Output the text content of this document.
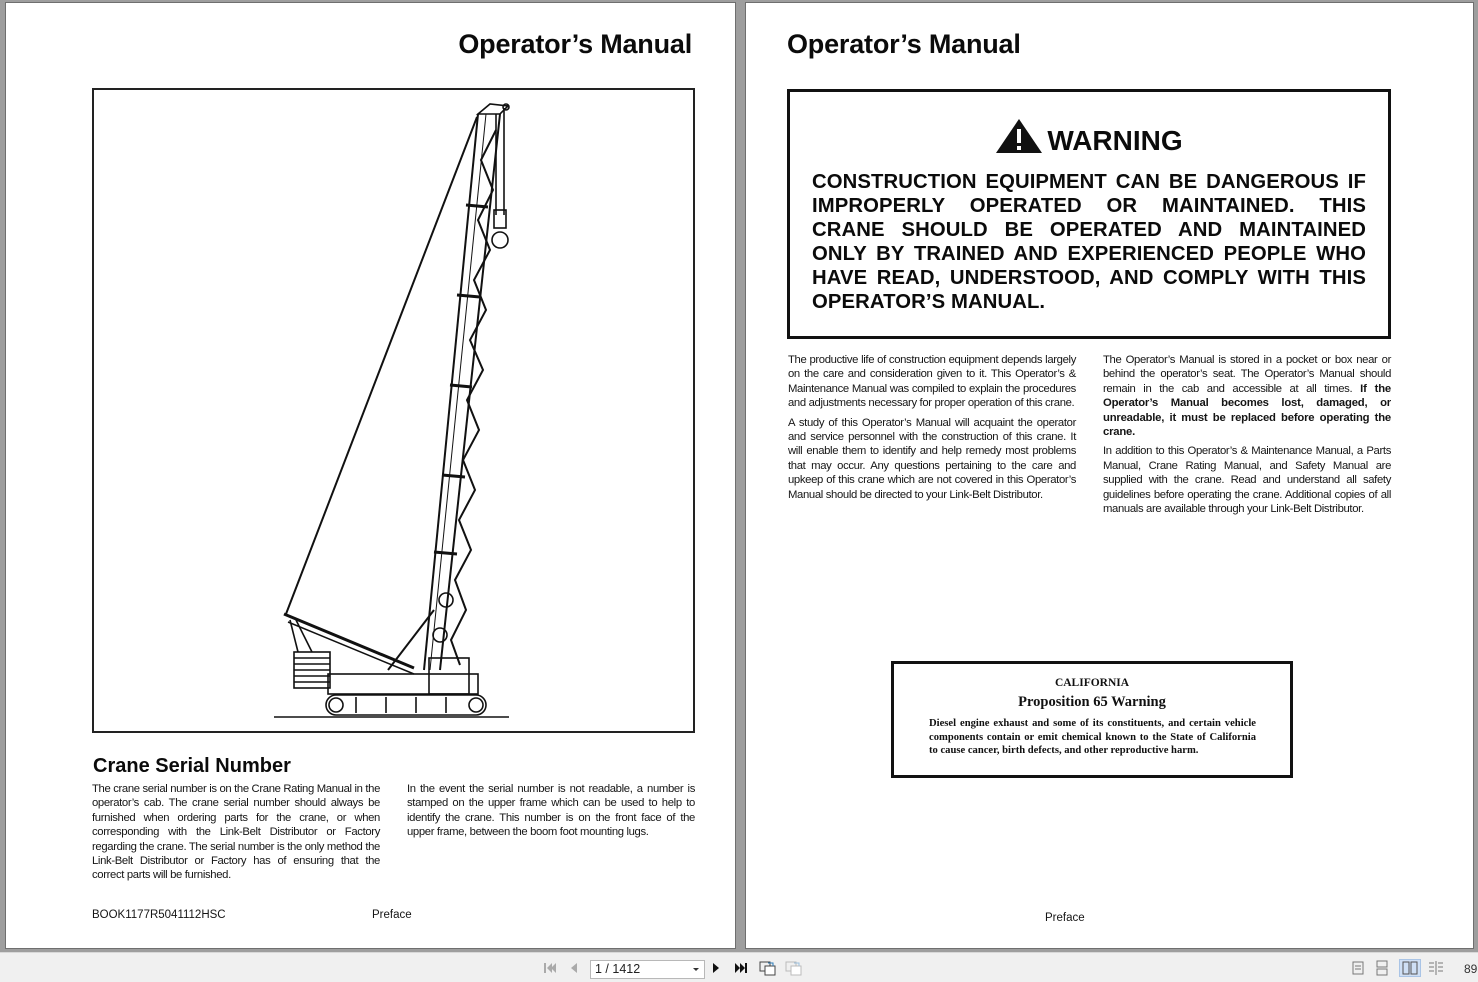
Operator’s Manual
Crane Serial Number

The crane serial number is on the Crane Rating Manual in the operator’s cab. The crane serial number should always be furnished when ordering parts for the crane, or when corresponding with the Link-Belt Distributor or Factory regarding the crane. The serial number is the only method the Link-Belt Distributor or Factory has of ensuring that the correct parts will be furnished.

In the event the serial number is not readable, a number is stamped on the upper frame which can be used to help to identify the crane. This number is on the front face of the upper frame, between the boom foot mounting lugs.

BOOK1177R5041112HSC	Preface
Operator’s Manual
WARNING
CONSTRUCTION EQUIPMENT CAN BE DANGEROUS IF IMPROPERLY OPERATED OR MAINTAINED. THIS CRANE SHOULD BE OPERATED AND MAINTAINED ONLY BY TRAINED AND EXPERIENCED PEOPLE WHO HAVE READ, UNDERSTOOD, AND COMPLY WITH THIS OPERATOR’S MANUAL.

The productive life of construction equipment depends largely on the care and consideration given to it. This Operator’s & Maintenance Manual was compiled to explain the procedures and adjustments necessary for proper operation of this crane.

A study of this Operator’s Manual will acquaint the operator and service personnel with the construction of this crane. It will enable them to identify and help remedy most problems that may occur. Any questions pertaining to the care and upkeep of this crane which are not covered in this Operator’s Manual should be directed to your Link-Belt Distributor.

The Operator’s Manual is stored in a pocket or box near or behind the operator’s seat. The Operator’s Manual should remain in the cab and accessible at all times. If the Operator’s Manual becomes lost, damaged, or unreadable, it must be replaced before operating the crane.

In addition to this Operator’s & Maintenance Manual, a Parts Manual, Crane Rating Manual, and Safety Manual are supplied with the crane. Read and understand all safety guidelines before operating the crane. Additional copies of all manuals are available through your Link-Belt Distributor.

CALIFORNIA
Proposition 65 Warning
Diesel engine exhaust and some of its constituents, and certain vehicle components contain or emit chemical known to the State of California to cause cancer, birth defects, and other reproductive harm.
Preface
1 / 1412	89
